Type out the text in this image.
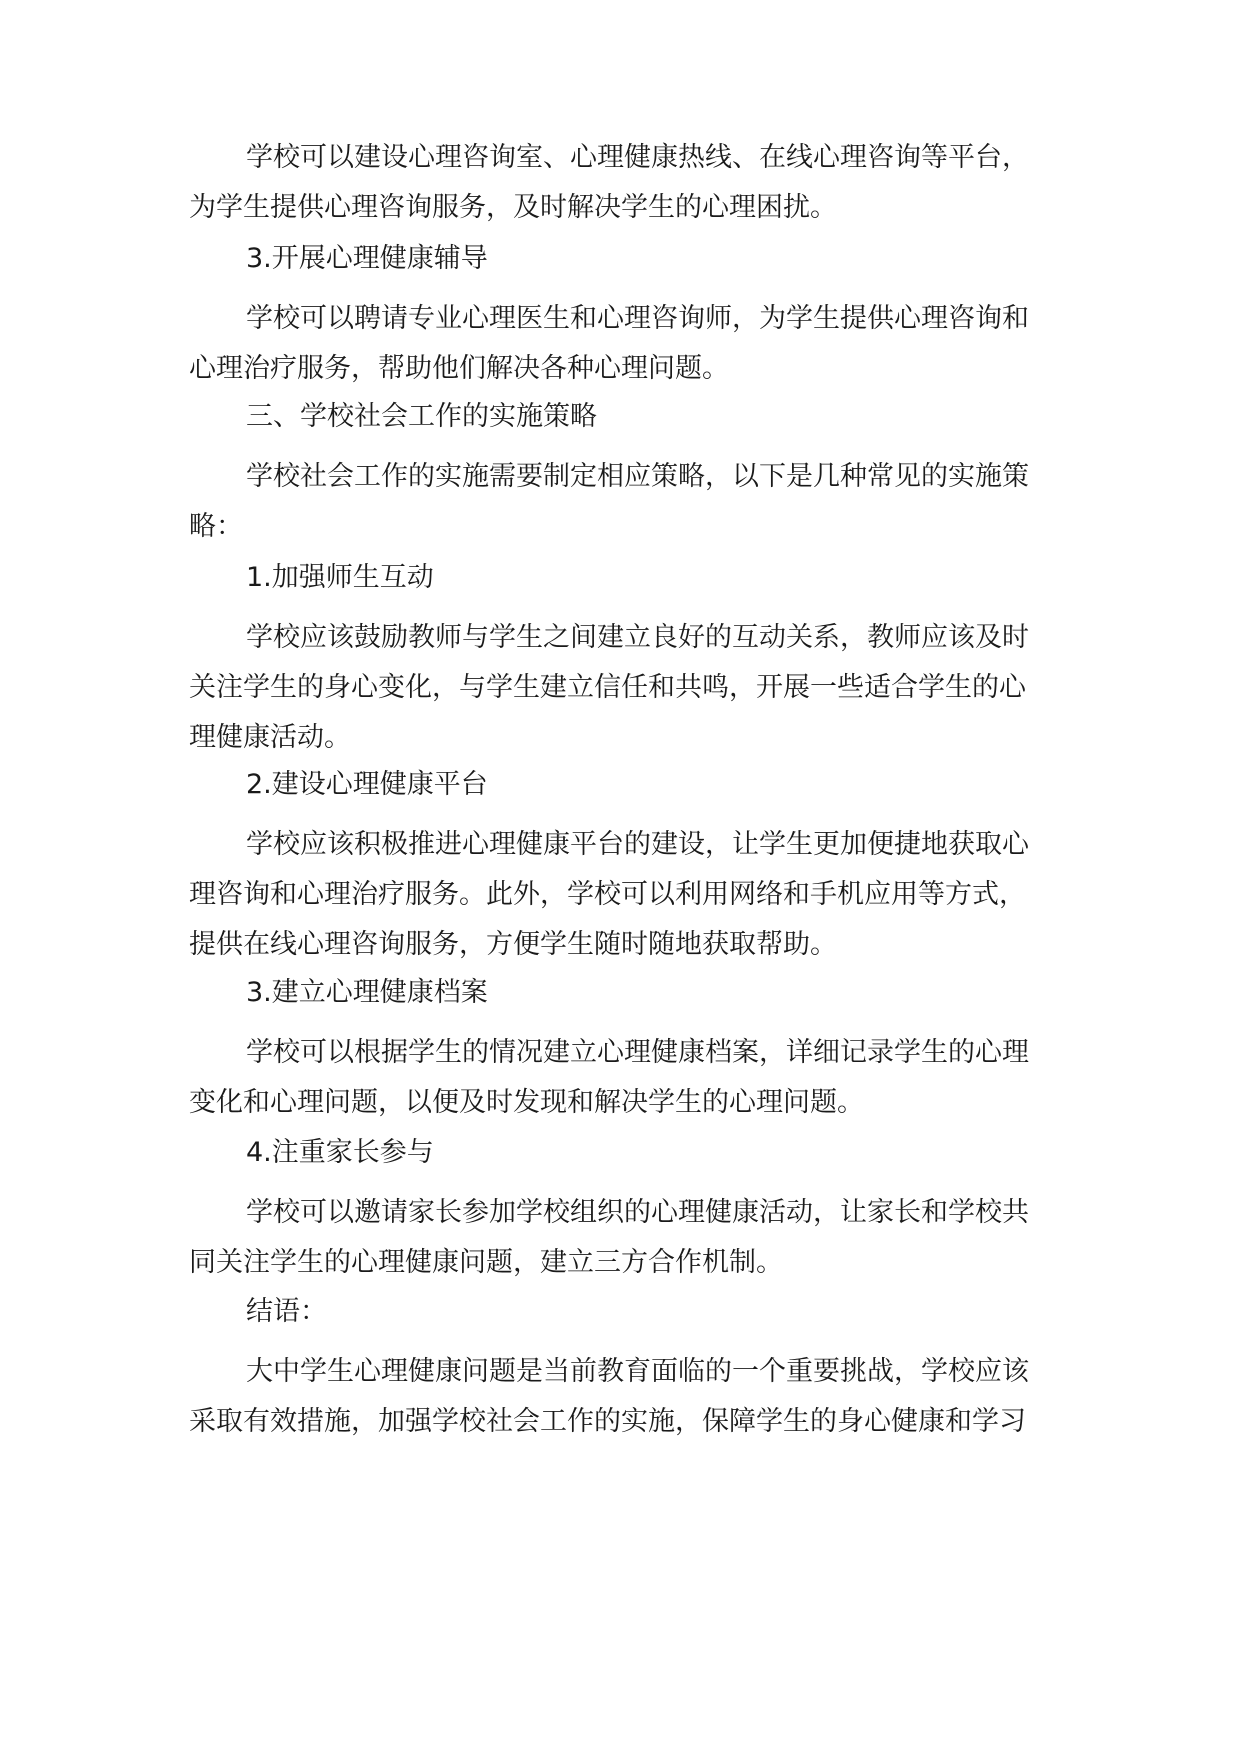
学校可以建设心理咨询室、心理健康热线、在线心理咨询等平台，
为学生提供心理咨询服务，及时解决学生的心理困扰。
3.开展心理健康辅导
学校可以聘请专业心理医生和心理咨询师，为学生提供心理咨询和
心理治疗服务，帮助他们解决各种心理问题。
三、学校社会工作的实施策略
学校社会工作的实施需要制定相应策略，以下是几种常见的实施策
略：
1.加强师生互动
学校应该鼓励教师与学生之间建立良好的互动关系，教师应该及时
关注学生的身心变化，与学生建立信任和共鸣，开展一些适合学生的心
理健康活动。
2.建设心理健康平台
学校应该积极推进心理健康平台的建设，让学生更加便捷地获取心
理咨询和心理治疗服务。此外，学校可以利用网络和手机应用等方式，
提供在线心理咨询服务，方便学生随时随地获取帮助。
3.建立心理健康档案
学校可以根据学生的情况建立心理健康档案，详细记录学生的心理
变化和心理问题，以便及时发现和解决学生的心理问题。
4.注重家长参与
学校可以邀请家长参加学校组织的心理健康活动，让家长和学校共
同关注学生的心理健康问题，建立三方合作机制。
结语：
大中学生心理健康问题是当前教育面临的一个重要挑战，学校应该
采取有效措施，加强学校社会工作的实施，保障学生的身心健康和学习
